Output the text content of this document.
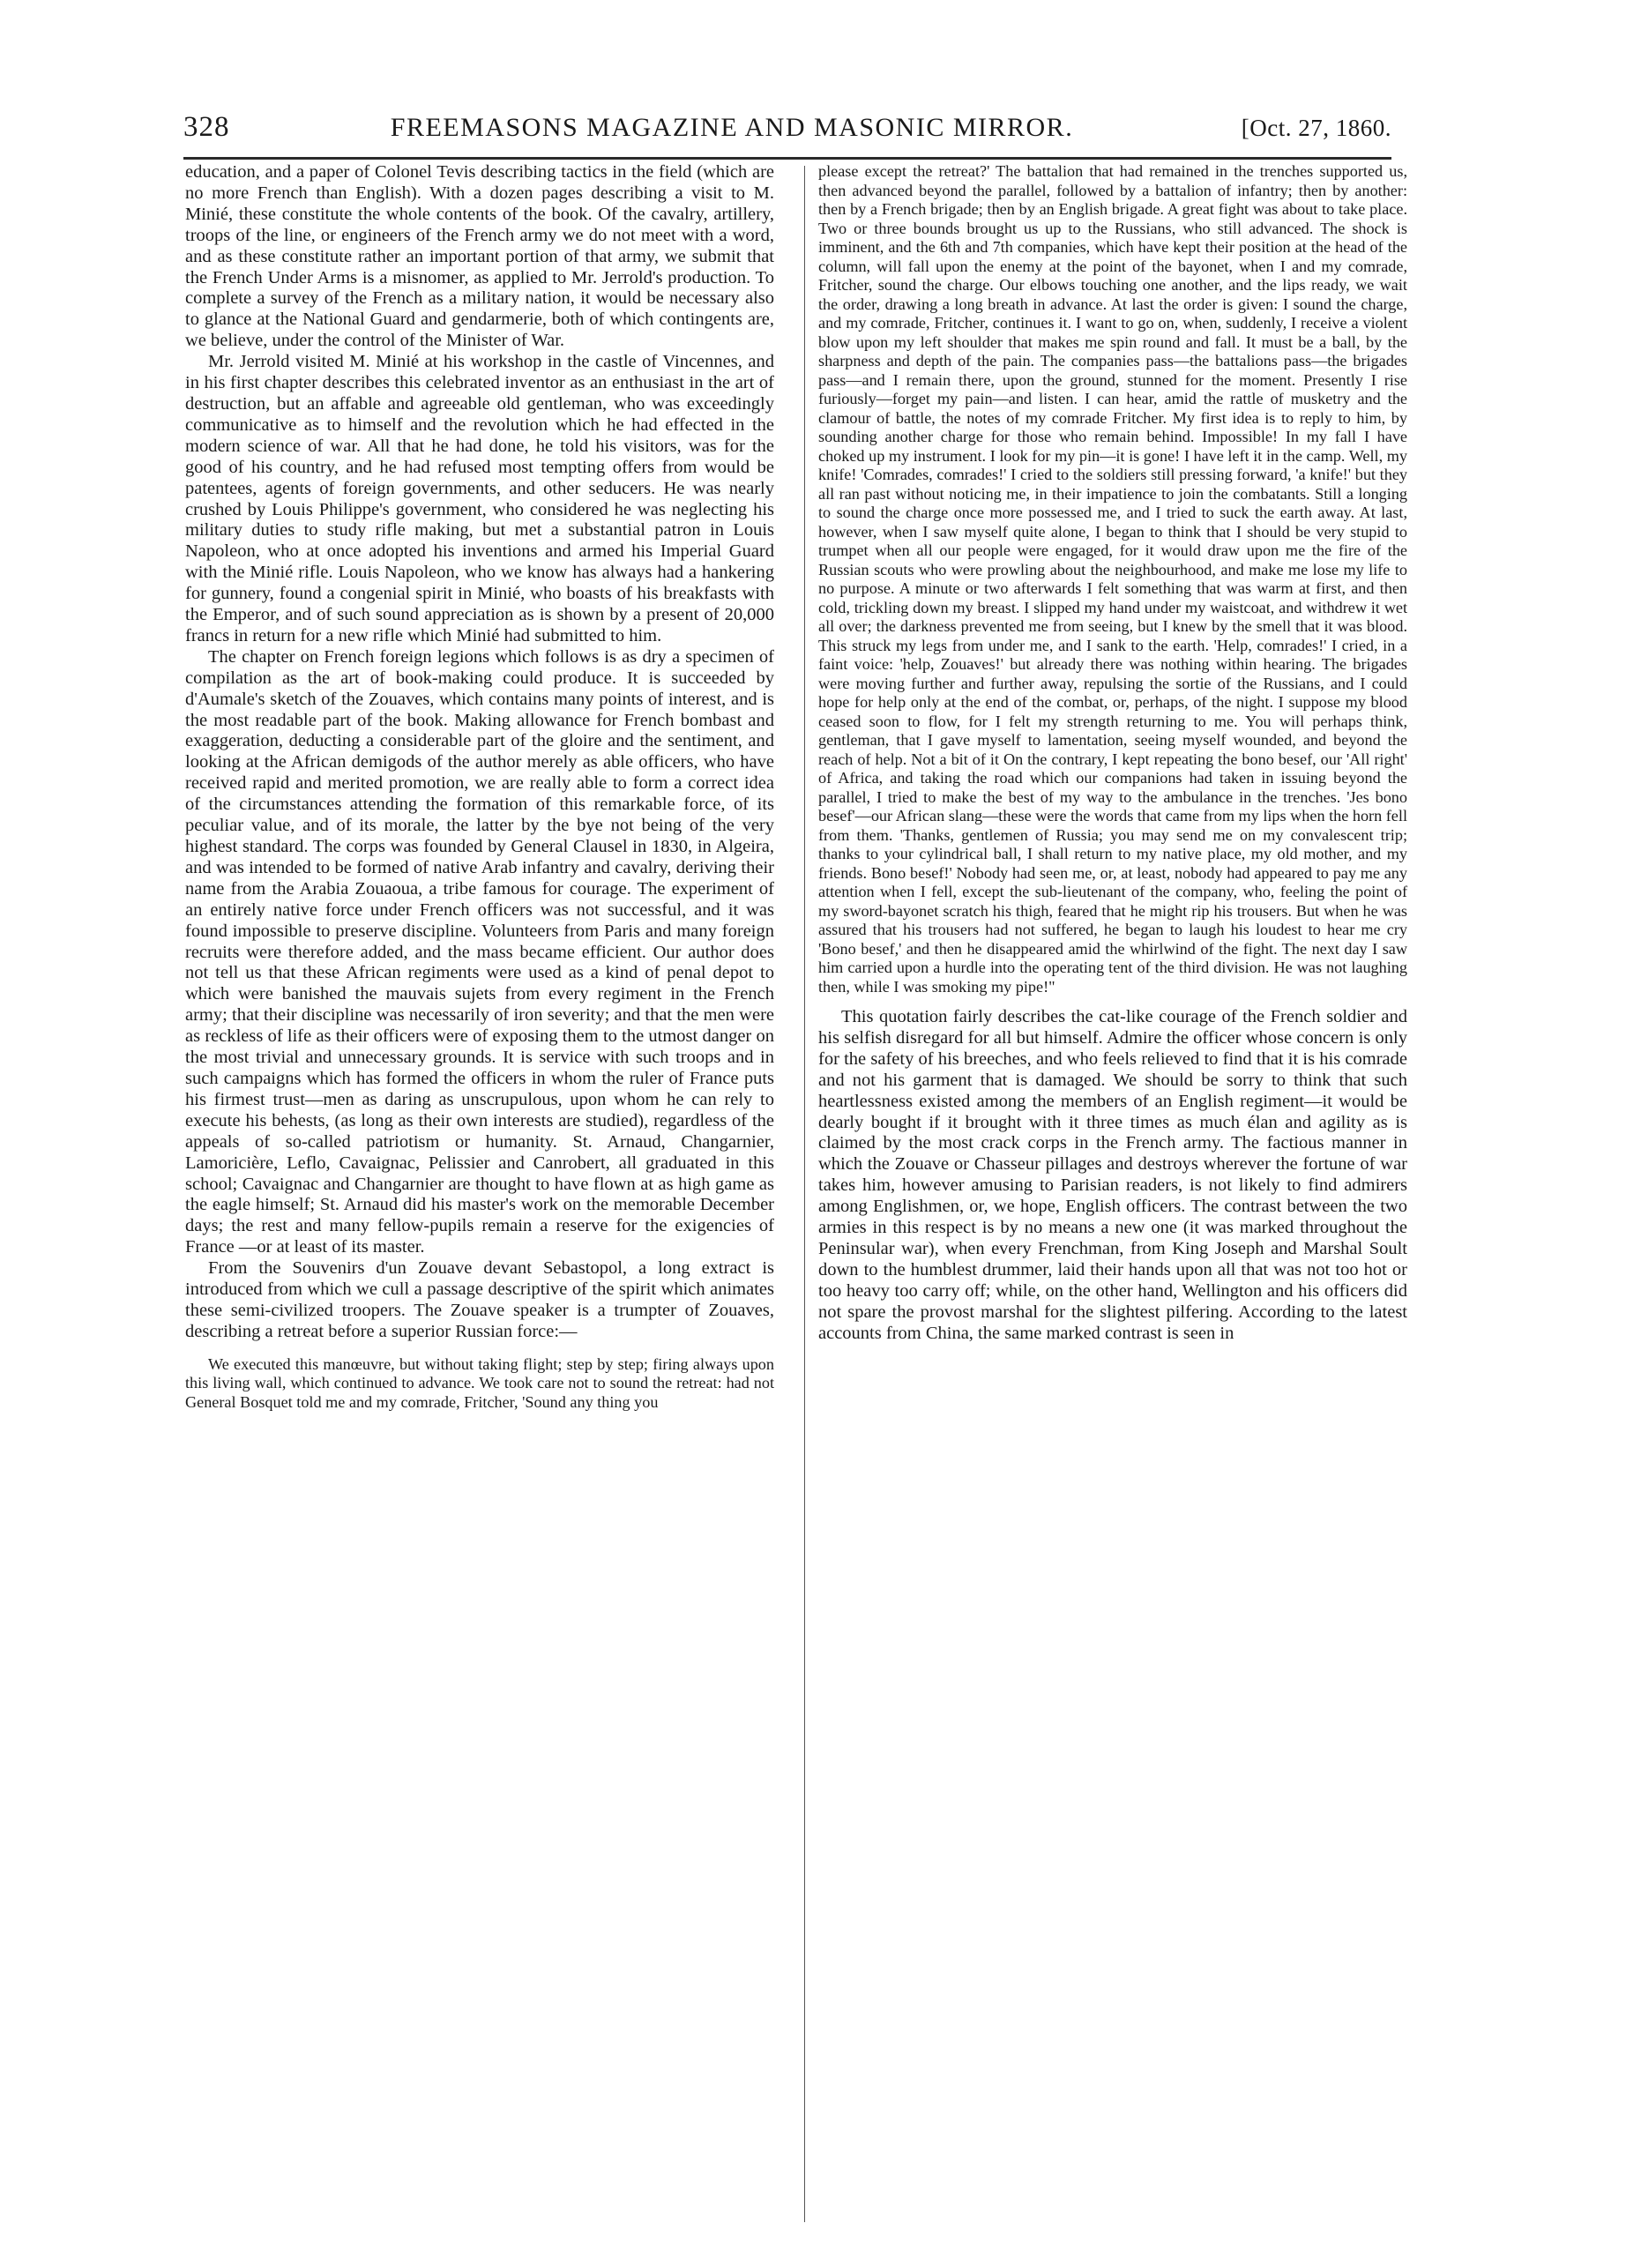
328	FREEMASONS MAGAZINE AND MASONIC MIRROR.	[Oct. 27, 1860.

education, and a paper of Colonel Tevis describing tactics in the field (which are no more French than English). With a dozen pages describing a visit to M. Minié, these constitute the whole contents of the book. Of the cavalry, artillery, troops of the line, or engineers of the French army we do not meet with a word, and as these constitute rather an important portion of that army, we submit that the French Under Arms is a misnomer, as applied to Mr. Jerrold's production. To complete a survey of the French as a military nation, it would be necessary also to glance at the National Guard and gendarmerie, both of which contingents are, we believe, under the control of the Minister of War.

Mr. Jerrold visited M. Minié at his workshop in the castle of Vincennes, and in his first chapter describes this celebrated inventor as an enthusiast in the art of destruction, but an affable and agreeable old gentleman, who was exceedingly communicative as to himself and the revolution which he had effected in the modern science of war. All that he had done, he told his visitors, was for the good of his country, and he had refused most tempting offers from would be patentees, agents of foreign governments, and other seducers. He was nearly crushed by Louis Philippe's government, who considered he was neglecting his military duties to study rifle making, but met a substantial patron in Louis Napoleon, who at once adopted his inventions and armed his Imperial Guard with the Minié rifle. Louis Napoleon, who we know has always had a hankering for gunnery, found a congenial spirit in Minié, who boasts of his breakfasts with the Emperor, and of such sound appreciation as is shown by a present of 20,000 francs in return for a new rifle which Minié had submitted to him.

The chapter on French foreign legions which follows is as dry a specimen of compilation as the art of book-making could produce. It is succeeded by d'Aumale's sketch of the Zouaves, which contains many points of interest, and is the most readable part of the book. Making allowance for French bombast and exaggeration, deducting a considerable part of the gloire and the sentiment, and looking at the African demigods of the author merely as able officers, who have received rapid and merited promotion, we are really able to form a correct idea of the circumstances attending the formation of this remarkable force, of its peculiar value, and of its morale, the latter by the bye not being of the very highest standard. The corps was founded by General Clausel in 1830, in Algeira, and was intended to be formed of native Arab infantry and cavalry, deriving their name from the Arabia Zouaoua, a tribe famous for courage. The experiment of an entirely native force under French officers was not successful, and it was found impossible to preserve discipline. Volunteers from Paris and many foreign recruits were therefore added, and the mass became efficient. Our author does not tell us that these African regiments were used as a kind of penal depot to which were banished the mauvais sujets from every regiment in the French army; that their discipline was necessarily of iron severity; and that the men were as reckless of life as their officers were of exposing them to the utmost danger on the most trivial and unnecessary grounds. It is service with such troops and in such campaigns which has formed the officers in whom the ruler of France puts his firmest trust—men as daring as unscrupulous, upon whom he can rely to execute his behests, (as long as their own interests are studied), regardless of the appeals of so-called patriotism or humanity. St. Arnaud, Changarnier, Lamoricière, Leflo, Cavaignac, Pelissier and Canrobert, all graduated in this school; Cavaignac and Changarnier are thought to have flown at as high game as the eagle himself; St. Arnaud did his master's work on the memorable December days; the rest and many fellow-pupils remain a reserve for the exigencies of France —or at least of its master.

From the Souvenirs d'un Zouave devant Sebastopol, a long extract is introduced from which we cull a passage descriptive of the spirit which animates these semi-civilized troopers. The Zouave speaker is a trumpter of Zouaves, describing a retreat before a superior Russian force:—

We executed this manœuvre, but without taking flight; step by step; firing always upon this living wall, which continued to advance. We took care not to sound the retreat: had not General Bosquet told me and my comrade, Fritcher, 'Sound any thing you

please except the retreat?' The battalion that had remained in the trenches supported us, then advanced beyond the parallel, followed by a battalion of infantry; then by another: then by a French brigade; then by an English brigade. A great fight was about to take place. Two or three bounds brought us up to the Russians, who still advanced. The shock is imminent, and the 6th and 7th companies, which have kept their position at the head of the column, will fall upon the enemy at the point of the bayonet, when I and my comrade, Fritcher, sound the charge. Our elbows touching one another, and the lips ready, we wait the order, drawing a long breath in advance. At last the order is given: I sound the charge, and my comrade, Fritcher, continues it. I want to go on, when, suddenly, I receive a violent blow upon my left shoulder that makes me spin round and fall. It must be a ball, by the sharpness and depth of the pain. The companies pass—the battalions pass—the brigades pass—and I remain there, upon the ground, stunned for the moment. Presently I rise furiously—forget my pain—and listen. I can hear, amid the rattle of musketry and the clamour of battle, the notes of my comrade Fritcher. My first idea is to reply to him, by sounding another charge for those who remain behind. Impossible! In my fall I have choked up my instrument. I look for my pin—it is gone! I have left it in the camp. Well, my knife! 'Comrades, comrades!' I cried to the soldiers still pressing forward, 'a knife!' but they all ran past without noticing me, in their impatience to join the combatants. Still a longing to sound the charge once more possessed me, and I tried to suck the earth away. At last, however, when I saw myself quite alone, I began to think that I should be very stupid to trumpet when all our people were engaged, for it would draw upon me the fire of the Russian scouts who were prowling about the neighbourhood, and make me lose my life to no purpose. A minute or two afterwards I felt something that was warm at first, and then cold, trickling down my breast. I slipped my hand under my waistcoat, and withdrew it wet all over; the darkness prevented me from seeing, but I knew by the smell that it was blood. This struck my legs from under me, and I sank to the earth. 'Help, comrades!' I cried, in a faint voice: 'help, Zouaves!' but already there was nothing within hearing. The brigades were moving further and further away, repulsing the sortie of the Russians, and I could hope for help only at the end of the combat, or, perhaps, of the night. I suppose my blood ceased soon to flow, for I felt my strength returning to me. You will perhaps think, gentleman, that I gave myself to lamentation, seeing myself wounded, and beyond the reach of help. Not a bit of it On the contrary, I kept repeating the bono besef, our 'All right' of Africa, and taking the road which our companions had taken in issuing beyond the parallel, I tried to make the best of my way to the ambulance in the trenches. 'Jes bono besef'—our African slang—these were the words that came from my lips when the horn fell from them. 'Thanks, gentlemen of Russia; you may send me on my convalescent trip; thanks to your cylindrical ball, I shall return to my native place, my old mother, and my friends. Bono besef!' Nobody had seen me, or, at least, nobody had appeared to pay me any attention when I fell, except the sub-lieutenant of the company, who, feeling the point of my sword-bayonet scratch his thigh, feared that he might rip his trousers. But when he was assured that his trousers had not suffered, he began to laugh his loudest to hear me cry 'Bono besef,' and then he disappeared amid the whirlwind of the fight. The next day I saw him carried upon a hurdle into the operating tent of the third division. He was not laughing then, while I was smoking my pipe!"

This quotation fairly describes the cat-like courage of the French soldier and his selfish disregard for all but himself. Admire the officer whose concern is only for the safety of his breeches, and who feels relieved to find that it is his comrade and not his garment that is damaged. We should be sorry to think that such heartlessness existed among the members of an English regiment—it would be dearly bought if it brought with it three times as much élan and agility as is claimed by the most crack corps in the French army. The factious manner in which the Zouave or Chasseur pillages and destroys wherever the fortune of war takes him, however amusing to Parisian readers, is not likely to find admirers among Englishmen, or, we hope, English officers. The contrast between the two armies in this respect is by no means a new one (it was marked throughout the Peninsular war), when every Frenchman, from King Joseph and Marshal Soult down to the humblest drummer, laid their hands upon all that was not too hot or too heavy too carry off; while, on the other hand, Wellington and his officers did not spare the provost marshal for the slightest pilfering. According to the latest accounts from China, the same marked contrast is seen in
